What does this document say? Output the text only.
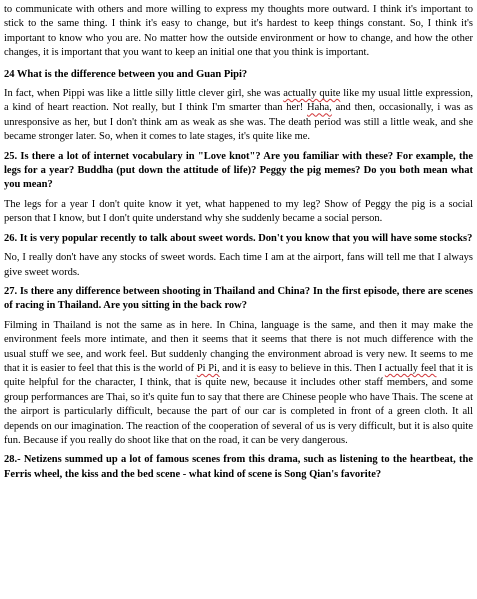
to communicate with others and more willing to express my thoughts more outward. I think it's important to stick to the same thing. I think it's easy to change, but it's hardest to keep things constant. So, I think it's important to know who you are. No matter how the outside environment or how to change, and how the other changes, it is important that you want to keep an initial one that you think is important.

24 What is the difference between you and Guan Pipi?

In fact, when Pippi was like a little silly little clever girl, she was actually quite like my usual little expression, a kind of heart reaction. Not really, but I think I'm smarter than her! Haha, and then, occasionally, i was as unresponsive as her, but I don't think am as weak as she was. The death period was still a little weak, and she became stronger later. So, when it comes to late stages, it's quite like me.

25. Is there a lot of internet vocabulary in "Love knot"? Are you familiar with these? For example, the legs for a year? Buddha (put down the attitude of life)? Peggy the pig memes? Do you both mean what you mean?

The legs for a year I don't quite know it yet, what happened to my leg? Show of Peggy the pig is a social person that I know, but I don't quite understand why she suddenly became a social person.

26. It is very popular recently to talk about sweet words. Don't you know that you will have some stocks?

No, I really don't have any stocks of sweet words. Each time I am at the airport, fans will tell me that I always give sweet words.

27. Is there any difference between shooting in Thailand and China? In the first episode, there are scenes of racing in Thailand. Are you sitting in the back row?

Filming in Thailand is not the same as in here. In China, language is the same, and then it may make the environment feels more intimate, and then it seems that it seems that there is not much difference with the usual stuff we see, and work feel. But suddenly changing the environment abroad is very new. It seems to me that it is easier to feel that this is the world of Pi Pi, and it is easy to believe in this. Then I actually feel that it is quite helpful for the character, I think, that is quite new, because it includes other staff members, and some group performances are Thai, so it's quite fun to say that there are Chinese people who have Thais. The scene at the airport is particularly difficult, because the part of our car is completed in front of a green cloth. It all depends on our imagination. The reaction of the cooperation of several of us is very difficult, but it is also quite fun. Because if you really do shoot like that on the road, it can be very dangerous.

28.- Netizens summed up a lot of famous scenes from this drama, such as listening to the heartbeat, the Ferris wheel, the kiss and the bed scene - what kind of scene is Song Qian's favorite?
